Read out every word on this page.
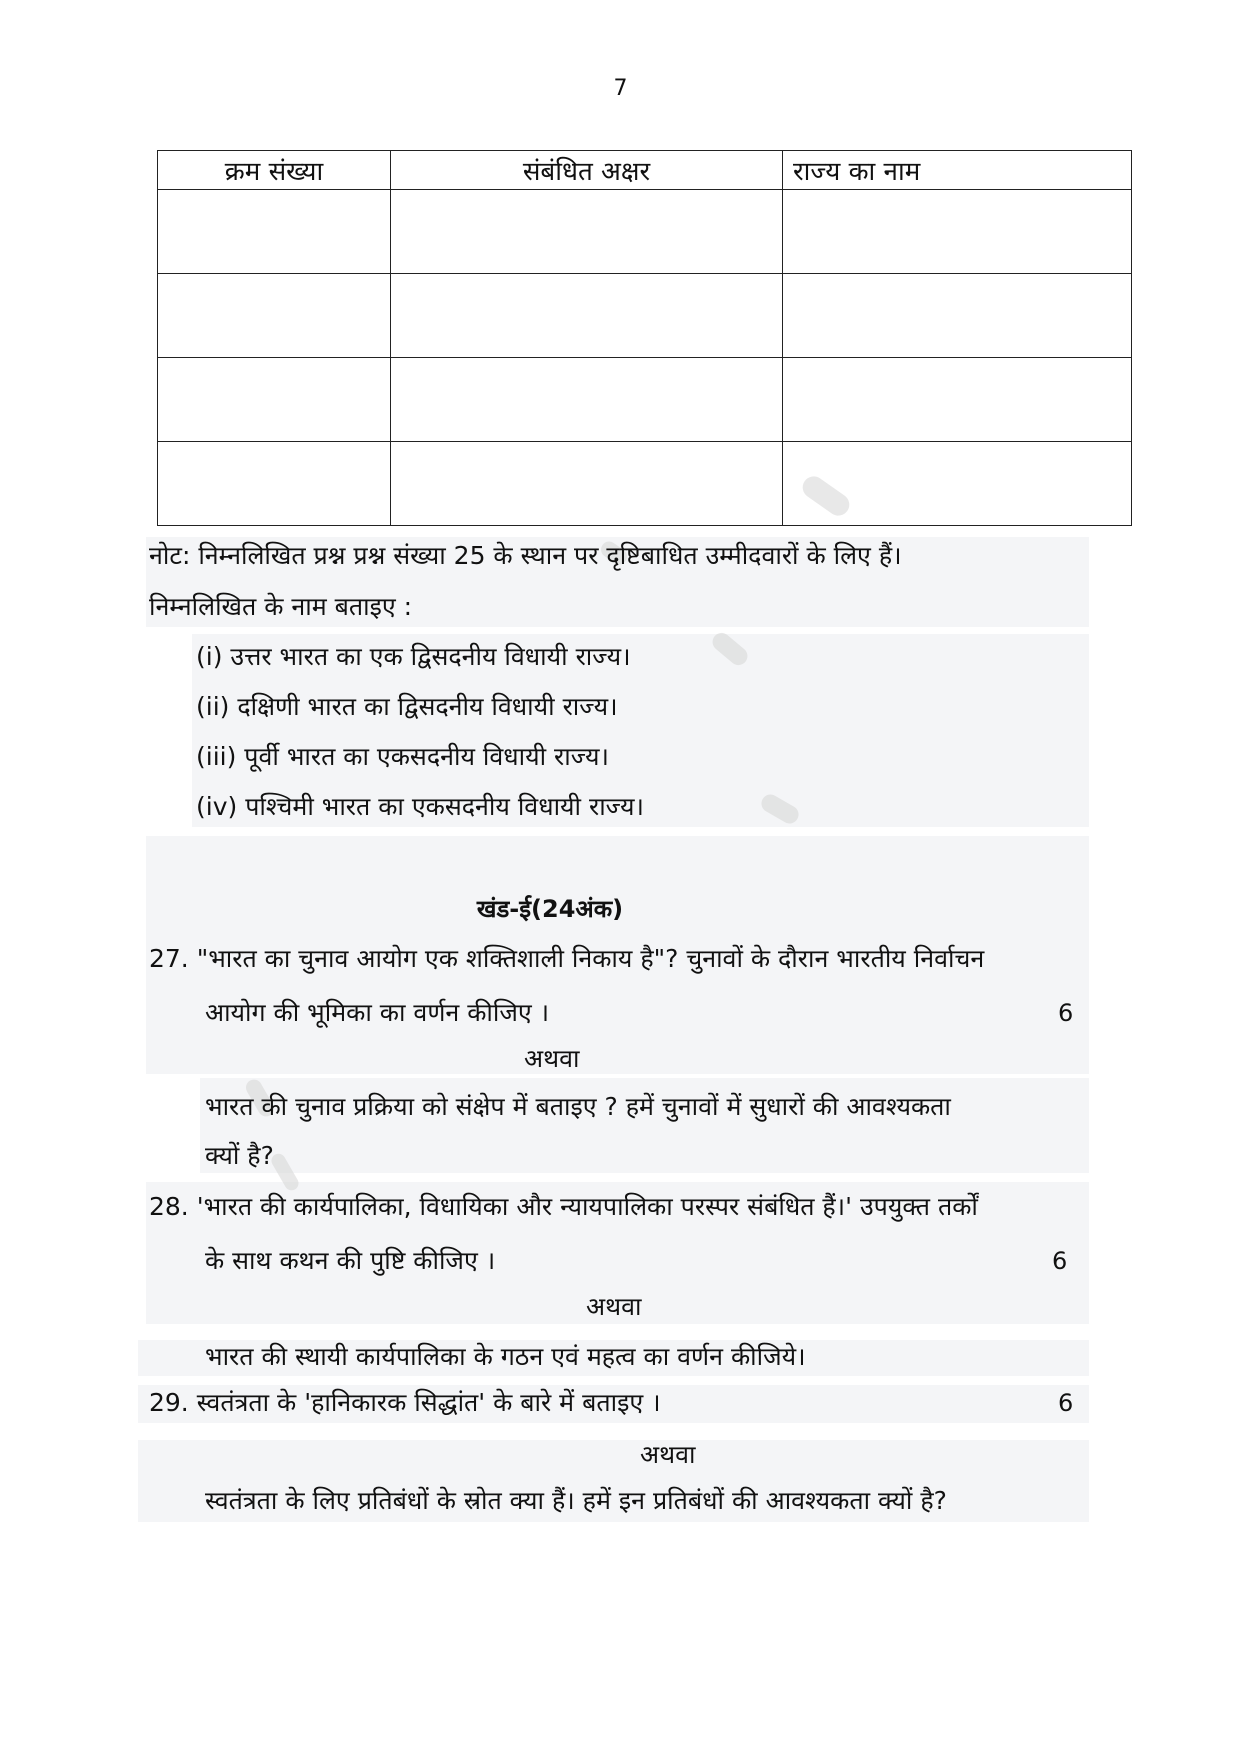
7
क्रम संख्या	संबंधित अक्षर	राज्य का नाम

नोट: निम्नलिखित प्रश्न प्रश्न संख्या 25 के स्थान पर दृष्टिबाधित उम्मीदवारों के लिए हैं।
निम्नलिखित के नाम बताइए :
(i) उत्तर भारत का एक द्विसदनीय विधायी राज्य।
(ii) दक्षिणी भारत का द्विसदनीय विधायी राज्य।
(iii) पूर्वी भारत का एकसदनीय विधायी राज्य।
(iv) पश्चिमी भारत का एकसदनीय विधायी राज्य।
खंड-ई(24अंक)
27. "भारत का चुनाव आयोग एक शक्तिशाली निकाय है"? चुनावों के दौरान भारतीय निर्वाचन
आयोग की भूमिका का वर्णन कीजिए ।	6
अथवा
भारत की चुनाव प्रक्रिया को संक्षेप में बताइए ? हमें चुनावों में सुधारों की आवश्यकता
क्यों है?
28. 'भारत की कार्यपालिका, विधायिका और न्यायपालिका परस्पर संबंधित हैं।' उपयुक्त तर्कों
के साथ कथन की पुष्टि कीजिए ।	6
अथवा
भारत की स्थायी कार्यपालिका के गठन एवं महत्व का वर्णन कीजिये।
29. स्वतंत्रता के 'हानिकारक सिद्धांत' के बारे में बताइए ।	6
अथवा
स्वतंत्रता के लिए प्रतिबंधों के स्रोत क्या हैं। हमें इन प्रतिबंधों की आवश्यकता क्यों है?
